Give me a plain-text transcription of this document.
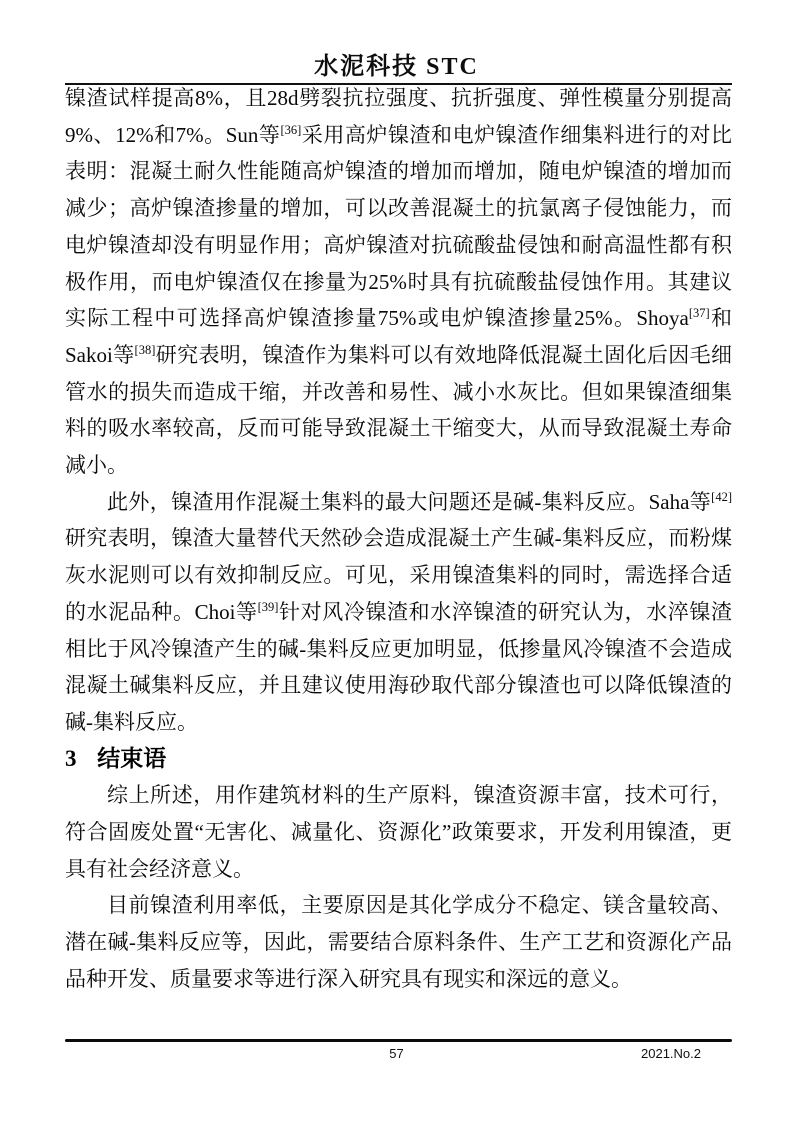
水泥科技 STC

镍渣试样提高8%，且28d劈裂抗拉强度、抗折强度、弹性模量分别提高9%、12%和7%。Sun等[36]采用高炉镍渣和电炉镍渣作细集料进行的对比表明：混凝土耐久性能随高炉镍渣的增加而增加，随电炉镍渣的增加而减少；高炉镍渣掺量的增加，可以改善混凝土的抗氯离子侵蚀能力，而电炉镍渣却没有明显作用；高炉镍渣对抗硫酸盐侵蚀和耐高温性都有积极作用，而电炉镍渣仅在掺量为25%时具有抗硫酸盐侵蚀作用。其建议实际工程中可选择高炉镍渣掺量75%或电炉镍渣掺量25%。Shoya[37]和Sakoi等[38]研究表明，镍渣作为集料可以有效地降低混凝土固化后因毛细管水的损失而造成干缩，并改善和易性、减小水灰比。但如果镍渣细集料的吸水率较高，反而可能导致混凝土干缩变大，从而导致混凝土寿命减小。

此外，镍渣用作混凝土集料的最大问题还是碱-集料反应。Saha等[42]研究表明，镍渣大量替代天然砂会造成混凝土产生碱-集料反应，而粉煤灰水泥则可以有效抑制反应。可见，采用镍渣集料的同时，需选择合适的水泥品种。Choi等[39]针对风冷镍渣和水淬镍渣的研究认为，水淬镍渣相比于风冷镍渣产生的碱-集料反应更加明显，低掺量风冷镍渣不会造成混凝土碱集料反应，并且建议使用海砂取代部分镍渣也可以降低镍渣的碱-集料反应。

3 结束语

综上所述，用作建筑材料的生产原料，镍渣资源丰富，技术可行，符合固废处置“无害化、减量化、资源化”政策要求，开发利用镍渣，更具有社会经济意义。

目前镍渣利用率低，主要原因是其化学成分不稳定、镁含量较高、潜在碱-集料反应等，因此，需要结合原料条件、生产工艺和资源化产品品种开发、质量要求等进行深入研究具有现实和深远的意义。

57	2021.No.2
